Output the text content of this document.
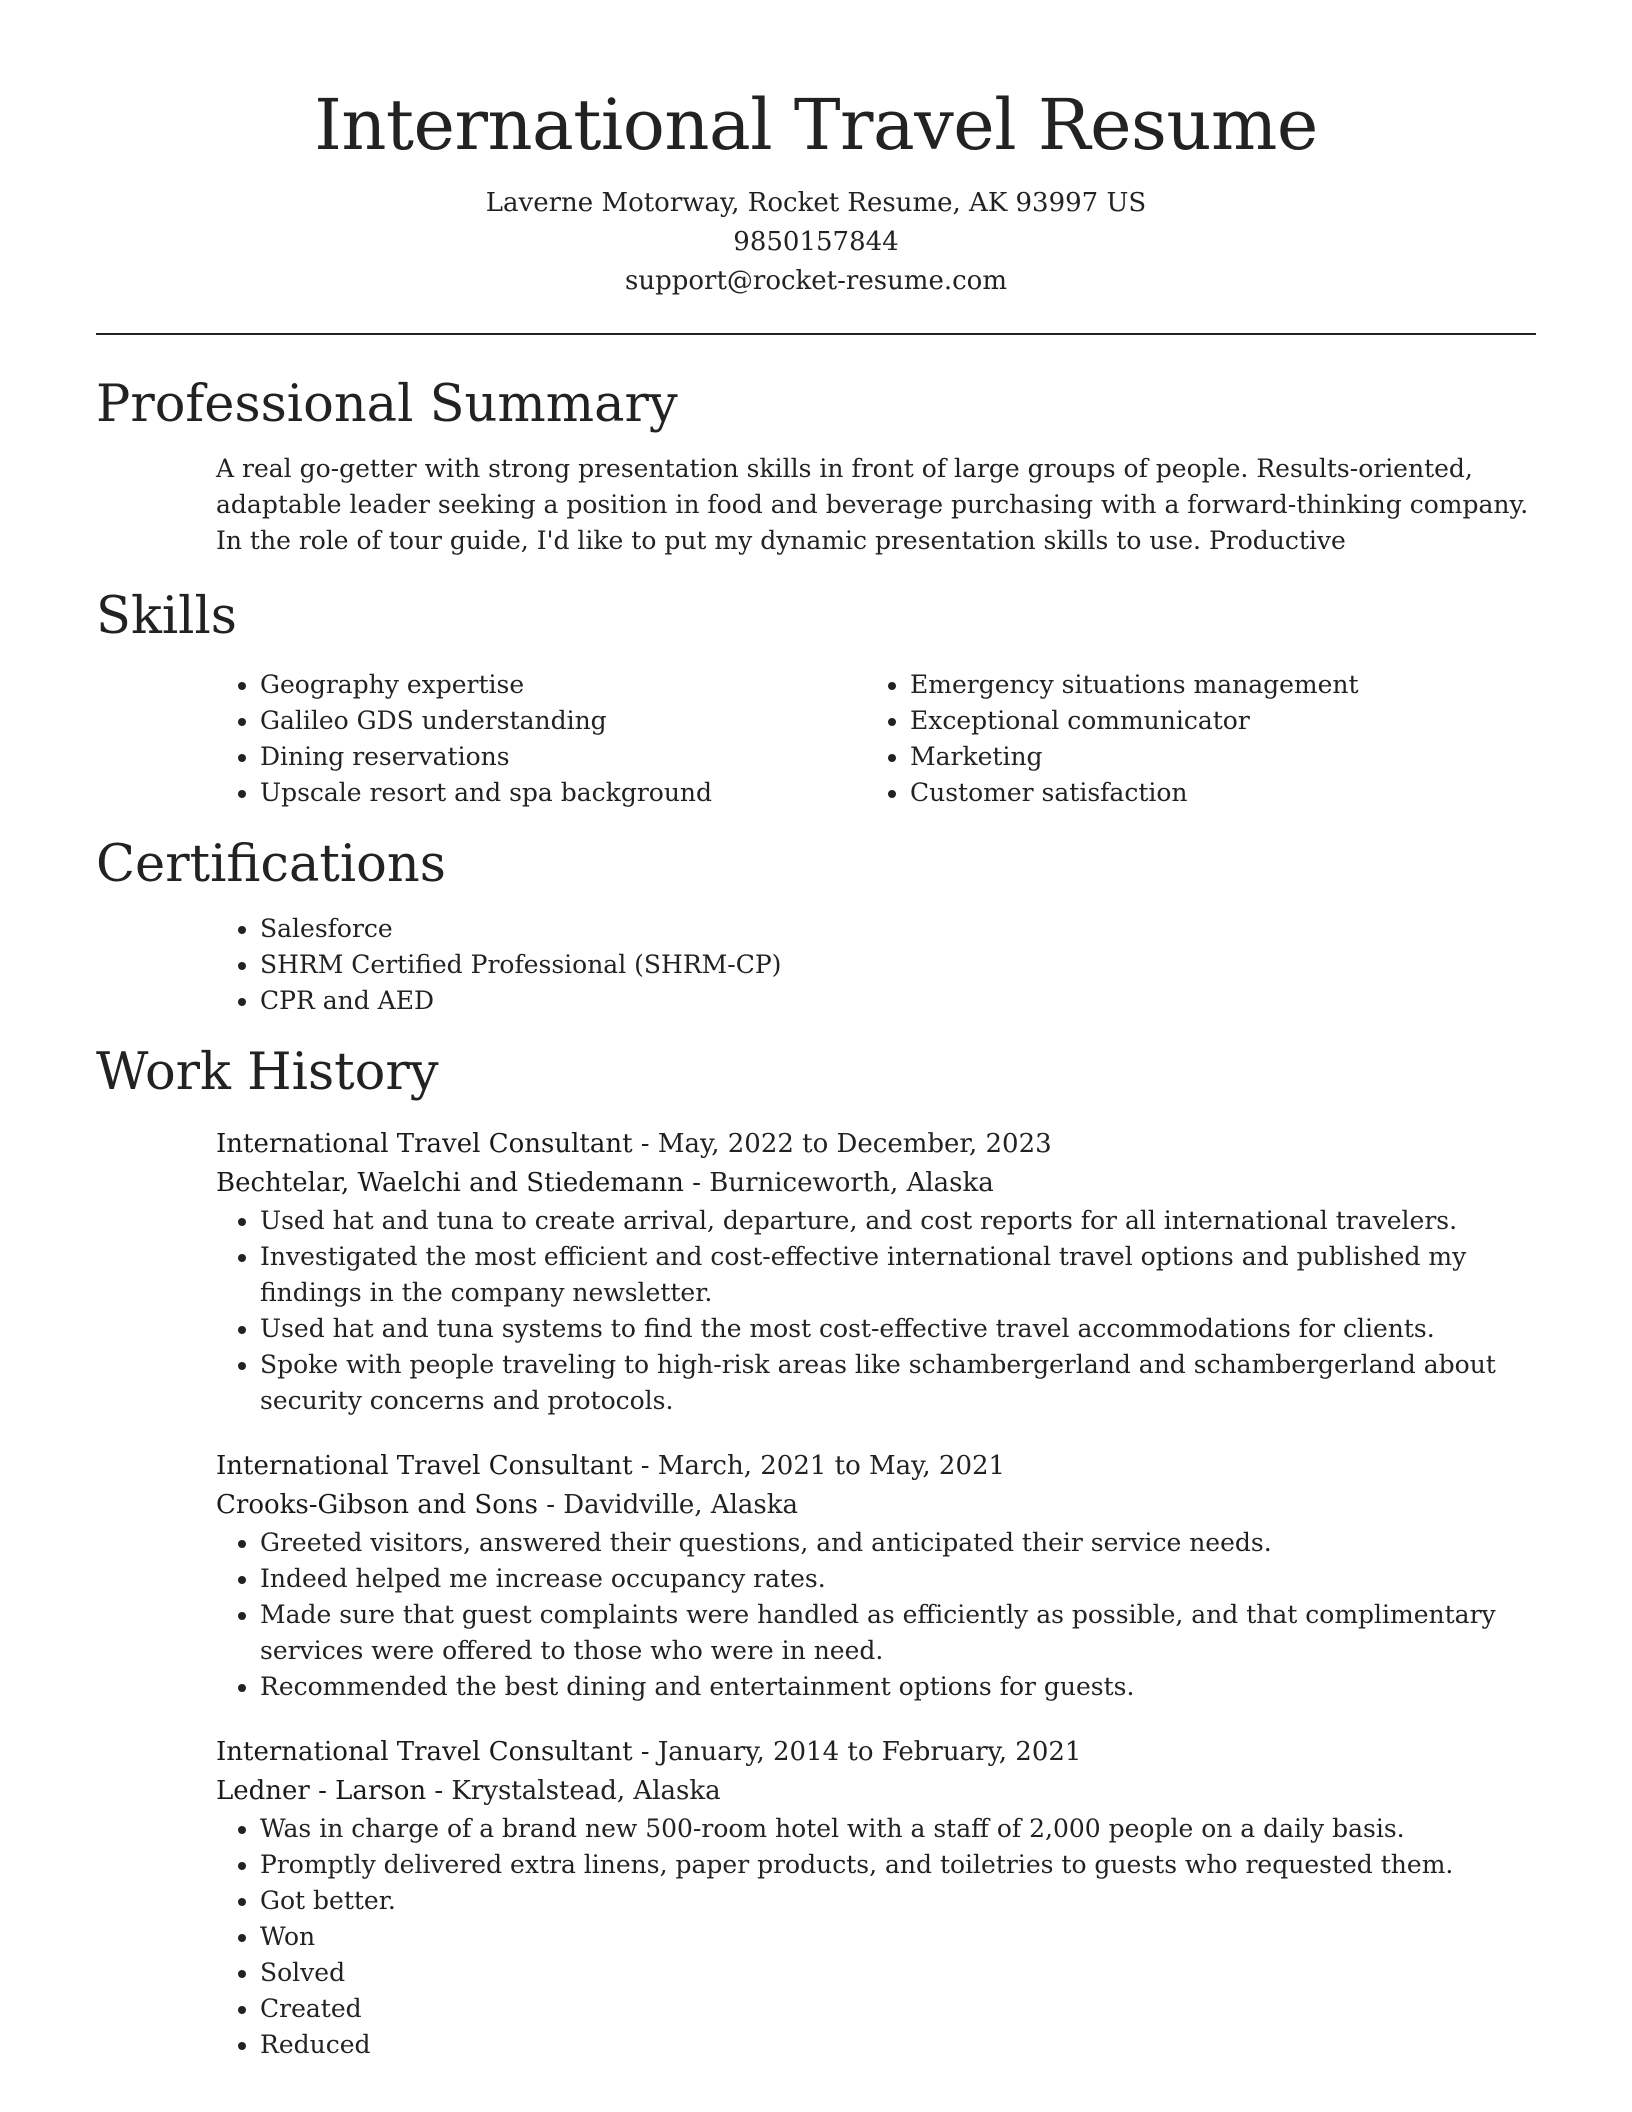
International Travel Resume
Laverne Motorway, Rocket Resume, AK 93997 US
9850157844
support@rocket-resume.com
Professional Summary

A real go-getter with strong presentation skills in front of large groups of people. Results-oriented, adaptable leader seeking a position in food and beverage purchasing with a forward-thinking company. In the role of tour guide, I'd like to put my dynamic presentation skills to use. Productive

Skills
• Geography expertise
• Galileo GDS understanding
• Dining reservations
• Upscale resort and spa background
• Emergency situations management
• Exceptional communicator
• Marketing
• Customer satisfaction
Certifications
• Salesforce
• SHRM Certified Professional (SHRM-CP)
• CPR and AED
Work History
International Travel Consultant - May, 2022 to December, 2023
Bechtelar, Waelchi and Stiedemann - Burniceworth, Alaska
• Used hat and tuna to create arrival, departure, and cost reports for all international travelers.
• Investigated the most efficient and cost-effective international travel options and published my findings in the company newsletter.
• Used hat and tuna systems to find the most cost-effective travel accommodations for clients.
• Spoke with people traveling to high-risk areas like schambergerland and schambergerland about security concerns and protocols.
International Travel Consultant - March, 2021 to May, 2021
Crooks-Gibson and Sons - Davidville, Alaska
• Greeted visitors, answered their questions, and anticipated their service needs.
• Indeed helped me increase occupancy rates.
• Made sure that guest complaints were handled as efficiently as possible, and that complimentary services were offered to those who were in need.
• Recommended the best dining and entertainment options for guests.
International Travel Consultant - January, 2014 to February, 2021
Ledner - Larson - Krystalstead, Alaska
• Was in charge of a brand new 500-room hotel with a staff of 2,000 people on a daily basis.
• Promptly delivered extra linens, paper products, and toiletries to guests who requested them.
• Got better.
• Won
• Solved
• Created
• Reduced
